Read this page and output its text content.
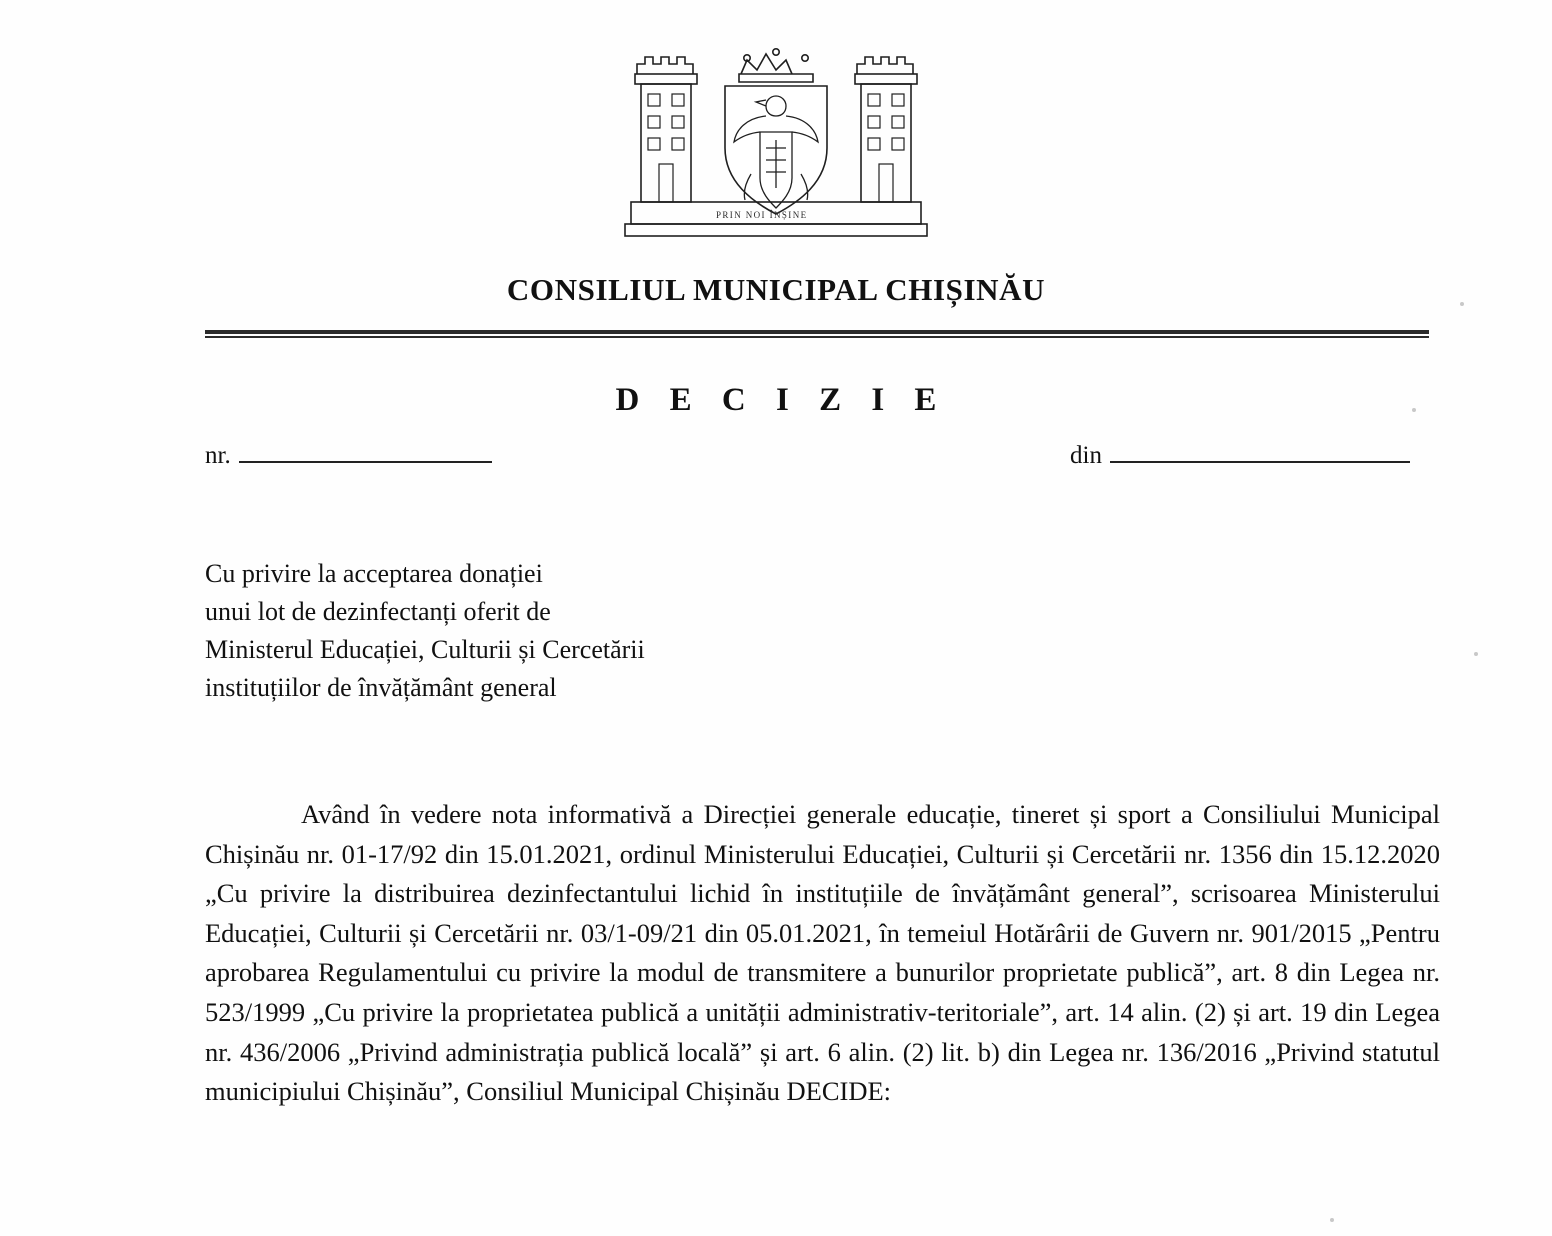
PRIN NOI ÎNȘINE
CONSILIUL MUNICIPAL CHIȘINĂU
D E C I Z I E
nr.	din
Cu privire la acceptarea donației
unui lot de dezinfectanți oferit de
Ministerul Educației, Culturii și Cercetării
instituțiilor de învățământ general
Având în vedere nota informativă a Direcției generale educație, tineret și sport a Consiliului Municipal Chișinău nr. 01-17/92 din 15.01.2021, ordinul Ministerului Educației, Culturii și Cercetării nr. 1356 din 15.12.2020 „Cu privire la distribuirea dezinfectantului lichid în instituțiile de învățământ general”, scrisoarea Ministerului Educației, Culturii și Cercetării nr. 03/1-09/21 din 05.01.2021, în temeiul Hotărârii de Guvern nr. 901/2015 „Pentru aprobarea Regulamentului cu privire la modul de transmitere a bunurilor proprietate publică”, art. 8 din Legea nr. 523/1999 „Cu privire la proprietatea publică a unității administrativ-teritoriale”, art. 14 alin. (2) și art. 19 din Legea nr. 436/2006 „Privind administrația publică locală” și art. 6 alin. (2) lit. b) din Legea nr. 136/2016 „Privind statutul municipiului Chișinău”, Consiliul Municipal Chișinău DECIDE:
